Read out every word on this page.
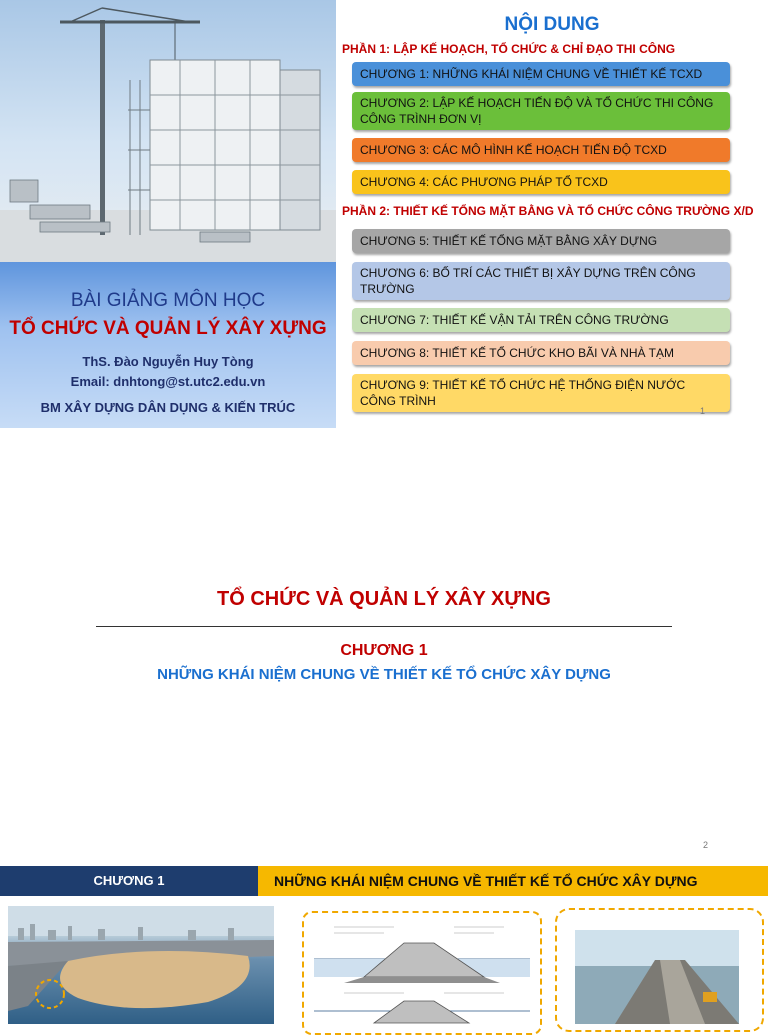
BÀI GIẢNG MÔN HỌC
TỔ CHỨC VÀ QUẢN LÝ XÂY XỰNG
ThS. Đào Nguyễn Huy Tòng
Email: dnhtong@st.utc2.edu.vn
BM XÂY DỰNG DÂN DỤNG & KIẾN TRÚC
NỘI DUNG
PHẦN 1: LẬP KẾ HOẠCH, TỔ CHỨC & CHỈ ĐẠO THI CÔNG
CHƯƠNG 1: NHỮNG KHÁI NIỆM CHUNG VỀ THIẾT KẾ TCXD
CHƯƠNG 2: LẬP KẾ HOẠCH TIẾN ĐỘ VÀ TỔ CHỨC THI CÔNG CÔNG TRÌNH ĐƠN VỊ
CHƯƠNG 3: CÁC MÔ HÌNH KẾ HOẠCH TIẾN ĐỘ TCXD
CHƯƠNG 4: CÁC PHƯƠNG PHÁP TỔ TCXD
PHẦN 2: THIẾT KẾ TỔNG MẶT BẰNG VÀ TỔ CHỨC CÔNG TRƯỜNG X/D
CHƯƠNG 5: THIẾT KẾ TỔNG MẶT BẰNG XÂY DỰNG
CHƯƠNG 6: BỐ TRÍ CÁC THIẾT BỊ XÂY DỰNG TRÊN CÔNG TRƯỜNG
CHƯƠNG 7: THIẾT KẾ VẬN TẢI TRÊN CÔNG TRƯỜNG
CHƯƠNG 8: THIẾT KẾ TỔ CHỨC KHO BÃI VÀ NHÀ TẠM
CHƯƠNG 9: THIẾT KẾ TỔ CHỨC HỆ THỐNG ĐIỆN NƯỚC CÔNG TRÌNH
1
TỔ CHỨC VÀ QUẢN LÝ XÂY XỰNG
CHƯƠNG 1
NHỮNG KHÁI NIỆM CHUNG VỀ THIẾT KẾ TỔ CHỨC XÂY DỰNG
2
CHƯƠNG 1	NHỮNG KHÁI NIỆM CHUNG VỀ THIẾT KẾ TỔ CHỨC XÂY DỰNG
